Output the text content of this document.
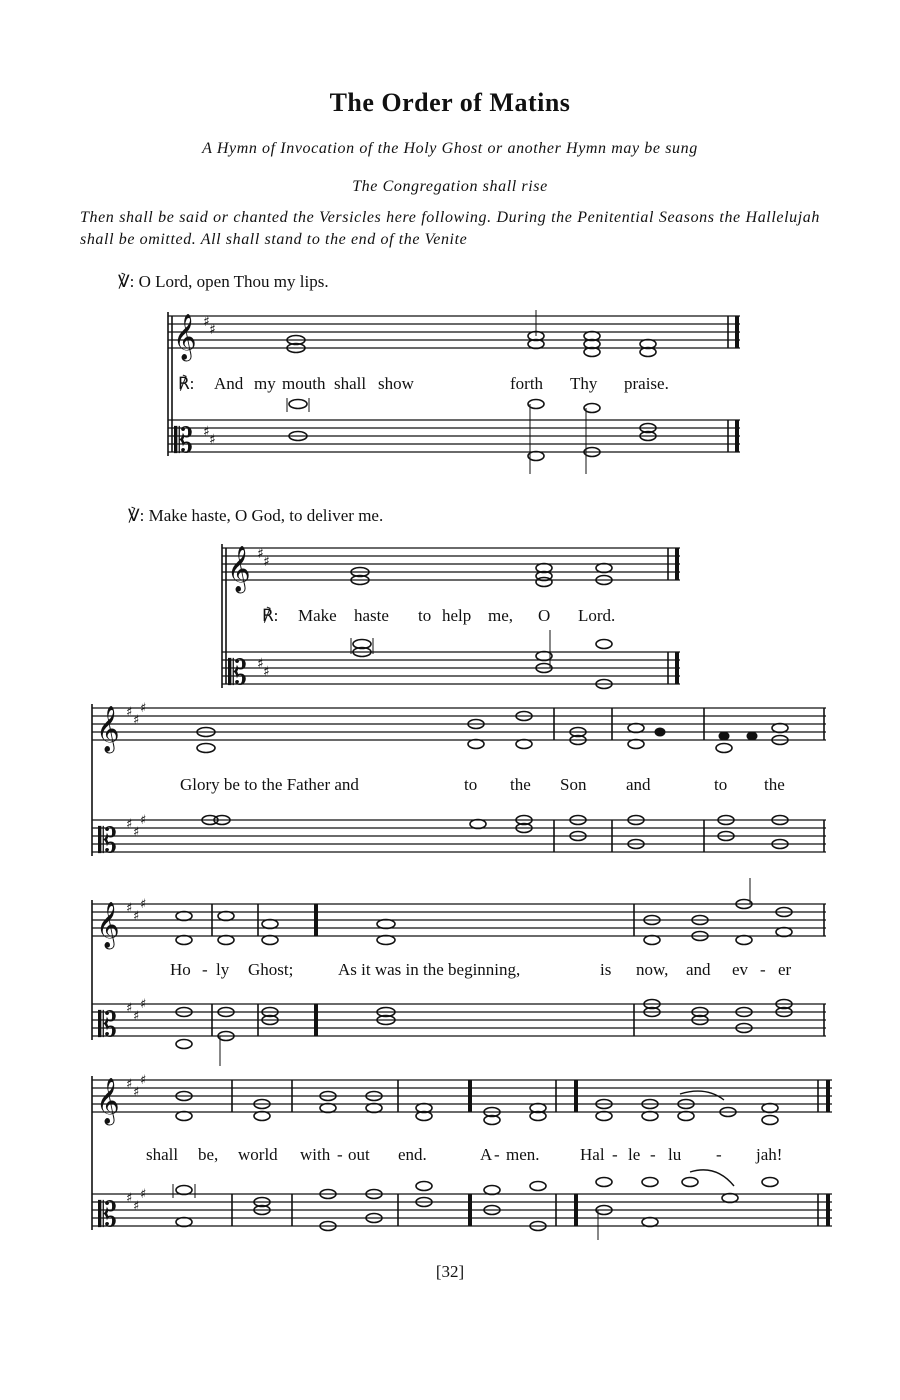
The Order of Matins
A Hymn of Invocation of the Holy Ghost or another Hymn may be sung
The Congregation shall rise
Then shall be said or chanted the Versicles here following. During the Penitential Seasons the Hallelujah shall be omitted. All shall stand to the end of the Venite
℣: O Lord, open Thou my lips.
𝄞
𝄡
♯ ♯
♯ ♯
𝄞
𝄡
♯ ♯
♯ ♯
𝄞
𝄡
♯
♯
♯
♯
♯
♯
𝄞
𝄡
♯
♯
♯
♯
♯
♯
𝄞
𝄡
♯
♯
♯
♯
♯
♯
℟: And my mouth shall show	forth Thy praise.
℣: Make haste, O God, to deliver me.
℟: Make haste to help me, O Lord.
Glory be to the Father and	to the Son and	to the
Ho - ly Ghost;	As it was in the beginning,	is now, and ev - er
shall be, world with - out end.	A - men. Hal - le - lu - jah!
[32]
